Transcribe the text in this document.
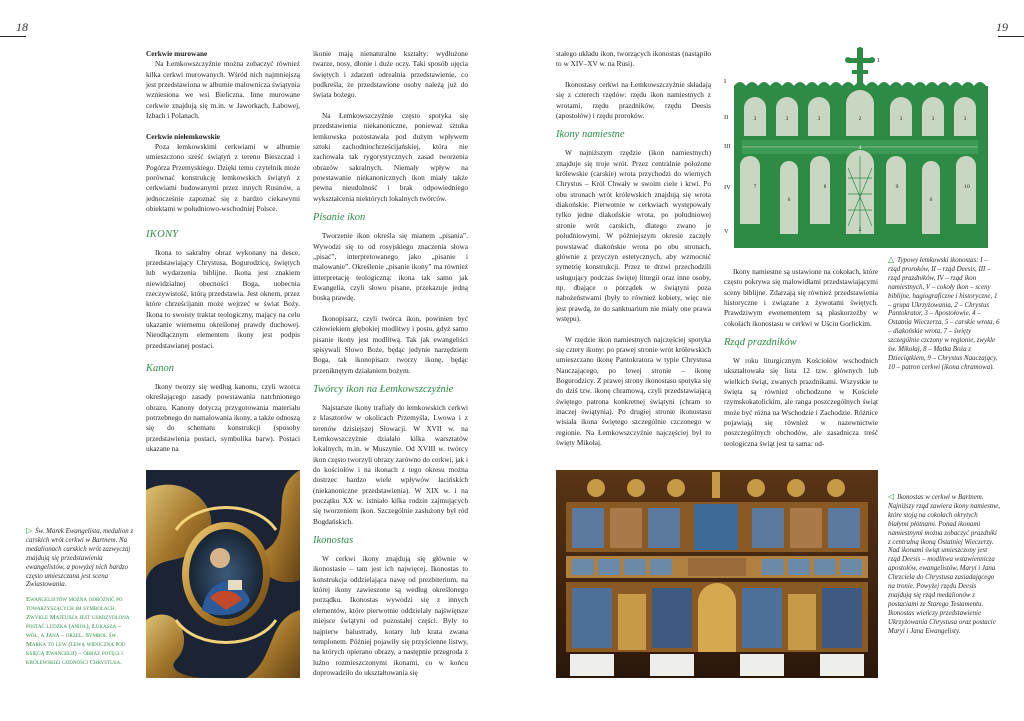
18	19

Cerkwie murowane

Na Łemkowszczyźnie można zobaczyć również kilka cerkwi murowanych. Wśród nich najmniejszą jest przedstawiona w albumie malownicza świątynia wzniesiona we wsi Bieliczna. Inne murowane cerkwie znajdują się m.in. w Jaworkach, Łabowej, Izbach i Polanach.

Cerkwie niełemkowskie

Poza łemkowskimi cerkwiami w albumie umieszczono sześć świątyń z terenu Bieszczad i Pogórza Przemyskiego. Dzięki temu czytelnik może porównać konstrukcję łemkowskich świątyń z cerkwiami budowanymi przez innych Rusinów, a jednocześnie zapoznać się z bardzo ciekawymi obiektami w południowo-wschodniej Polsce.

IKONY

Ikona to sakralny obraz wykonany na desce, przedstawiający Chrystusa, Bogurodzicę, świętych lub wydarzenia biblijne. Ikona jest znakiem niewidzialnej obecności Boga, uobecnia rzeczywistość, którą przedstawia. Jest oknem, przez które chrześcijanin może wejrzeć w świat Boży. Ikona to swoisty traktat teologiczny, mający na celu ukazanie wiernemu określonej prawdy duchowej. Nieodłącznym elementem ikony jest podpis przedstawianej postaci.

Kanon

Ikony tworzy się według kanonu, czyli wzorca określającego zasady powstawania natchnionego obrazu. Kanony dotyczą przygotowania materiału potrzebnego do namalowania ikony, a także odnoszą się do schematu konstrukcji (sposoby przedstawienia postaci, symbolika barw). Postaci ukazane na

ikonie mają nienaturalne kształty: wydłużone twarze, nosy, dłonie i duże oczy. Taki sposób ujęcia świętych i zdarzeń odrealnia przedstawienie, co podkreśla, że przedstawione osoby należą już do świata bożego.

Na Łemkowszczyźnie często spotyka się przedstawienia niekanoniczne, ponieważ sztuka łemkowska pozostawała pod dużym wpływem sztuki zachodniochrześcijańskiej, która nie zachowała tak rygorystycznych zasad tworzenia obrazów sakralnych. Niemały wpływ na powstawanie niekanonicznych ikon miały także pewna nieudolność i brak odpowiedniego wykształcenia niektórych lokalnych twórców.

Pisanie ikon

Tworzenie ikon określa się mianem „pisania”. Wywodzi się to od rosyjskiego znaczenia słowa „pisać”, interpretowanego jako „pisanie i malowanie”. Określenie „pisanie ikony” ma również interpretację teologiczną: ikona tak samo jak Ewangelia, czyli słowo pisane, przekazuje jedną boską prawdę.

Ikonopisarz, czyli twórca ikon, powinien być człowiekiem głębokiej modlitwy i postu, gdyż samo pisanie ikony jest modlitwą. Tak jak ewangeliści spisywali Słowo Boże, będąc jedynie narzędziem Boga, tak ikonopisarz tworzy ikonę, będąc przeniknętym działaniem bożym.

Twórcy ikon na Łemkowszczyźnie

Najstarsze ikony trafiały do łemkowskich cerkwi z klasztorów w okolicach Przemyśla, Lwowa i z terenów dzisiejszej Słowacji. W XVII w. na Łemkowszczyźnie działało kilka warsztatów lokalnych, m.in. w Muszynie. Od XVIII w. twórcy ikon często tworzyli obrazy zarówno do cerkwi, jak i do kościołów i na ikonach z tego okresu można dostrzec bardzo wiele wpływów łacińskich (niekanoniczne przedstawienia). W XIX w. i na początku XX w. istniało kilka rodzin zajmujących się tworzeniem ikon. Szczególnie zasłużony był ród Bogdańskich.

Ikonostas

W cerkwi ikony znajdują się głównie w ikonostasie – tam jest ich najwięcej. Ikonostas to konstrukcja oddzielająca nawę od prezbiterium, na której ikony zawieszone są według określonego porządku. Ikonostas wywodzi się z innych elementów, które pierwotnie oddzielały najświętsze miejsce świątyni od pozostałej części. Były to najpierw balustrady, kotary lub krata zwana templonem. Później pojawiły się przyścienne listwy, na których opierano obrazy, a następnie przegroda z luźno rozmieszczonymi ikonami, co w końcu doprowadziło do ukształtowania się

stałego układu ikon, tworzących ikonostas (nastąpiło to w XIV–XV w. na Rusi).

Ikonostasy cerkwi na Łemkowszczyźnie składają się z czterech rzędów: rzędu ikon namiestnych z wrotami, rzędu prazdników, rzędu Deesis (apostołów) i rzędu proroków.

Ikony namiestne

W najniższym rzędzie (ikon namiestnych) znajduje się troje wrót. Przez centralnie położone królewskie (carskie) wrota przychodzi do wiernych Chrystus – Król Chwały w swoim ciele i krwi. Po obu stronach wrót królewskich znajdują się wrota diakońskie. Pierwotnie w cerkwiach występowały tylko jedne diakońskie wrota, po południowej stronie wrót carskich, dlatego zwano je południowymi. W późniejszym okresie zaczęły powstawać diakońskie wrota po obu stronach, głównie z przyczyn estetycznych, aby wzmocnić symetrię konstrukcji. Przez te drzwi przechodzili usługujący podczas świętej liturgii oraz inne osoby, np. dbające o porządek w świątyni poza nabożeństwami (były to również kobiety, więc nie jest prawdą, że do sanktuarium nie miały one prawa wstępu).

W rzędzie ikon namiestnych najczęściej spotyka się cztery ikony: po prawej stronie wrót królewskich umieszczano ikonę Pantokratora w typie Chrystusa Nauczającego, po lewej stronie – ikonę Bogurodzicy. Z prawej strony ikonostasu spotyka się do dziś tzw. ikonę chramową, czyli przedstawiającą świętego patrona konkretnej świątyni (chram to inaczej świątynia). Po drugiej stronie ikonostasu wisiała ikona świętego szczególnie czczonego w regionie. Na Łemkowszczyźnie najczęściej był to święty Mikołaj.

Ikony namiestne są ustawione na cokołach, które często pokrywa się malowidłami przedstawiającymi sceny biblijne. Zdarzają się również przedstawienia historyczne i związane z żywotami świętych. Prawdziwym ewenementem są płaskorzeźby w cokołach ikonostasu w cerkwi w Uściu Gorlickim.

Rząd prazdników

W roku liturgicznym Kościołów wschodnich ukształtowała się lista 12 tzw. głównych lub wielkich świąt, zwanych prazdnikami. Wszystkie te święta są również obchodzone w Kościele rzymskokatolickim, ale ranga poszczególnych świąt może być różna na Wschodzie i Zachodzie. Różnice pojawiają się również w nazewnictwie poszczególnych obchodów, ale zasadnicza treść teologiczna świąt jest ta sama: od-

I
II
III
IV
V
1
3	3	3	2	3	3	3
4
7
6
8
5
9
6
10
△ Typowy łemkowski ikonostas: I – rząd proroków, II – rząd Deesis, III – rząd prazdników, IV – rząd ikon namiestnych, V – cokoły ikon – sceny biblijne, hagiograficzne i historyczne, 1 – grupa Ukrzyżowania, 2 – Chrystus Pantokrator, 3 – Apostołowie, 4 – Ostatnia Wieczerza, 5 – carskie wrota, 6 – diakońskie wrota, 7 – święty szczególnie czczony w regionie, zwykle św. Mikołaj, 8 – Matka Boża z Dzieciątkiem, 9 – Chrystus Nauczający, 10 – patron cerkwi (ikona chramowa).
▷ Św. Marek Ewangelista, medalion z carskich wrót cerkwi w Bartnem. Na medalionach carskich wrót zazwyczaj znajdują się przedstawienia ewangelistów, a powyżej nich bardzo często umieszczana jest scena Zwiastowania.
Ewangelistów można odróżnić po towarzyszących im symbolach. Zwykle Mateusza jest uskrzydlona postać ludzka (anioł), Łukasza – wół, a Jana – orzeł. Symbol św. Marka to lew (lewą widoczną pod księgą Ewangelii) – obraz potęgi i królewskiej godności Chrystusa.
◁ Ikonostas w cerkwi w Bartnem. Najniższy rząd zawiera ikony namiestne, które stoją na cokołach okrytych białymi płótnami. Ponad ikonami namiestnymi można zobaczyć prazdniki z centralną ikoną Ostatniej Wieczerzy. Nad ikonami świąt umieszczony jest rząd Deesis – modlitwa wstawiennicza apostołów, ewangelistów, Maryi i Jana Chrzciela do Chrystusa zasiadającego na tronie. Powyżej rzędu Deesis znajdują się rząd medalionów z postaciami ze Starego Testamentu. Ikonostas wieńczy przedstawienie Ukrzyżowania Chrystusa oraz postacie Maryi i Jana Ewangelisty.
